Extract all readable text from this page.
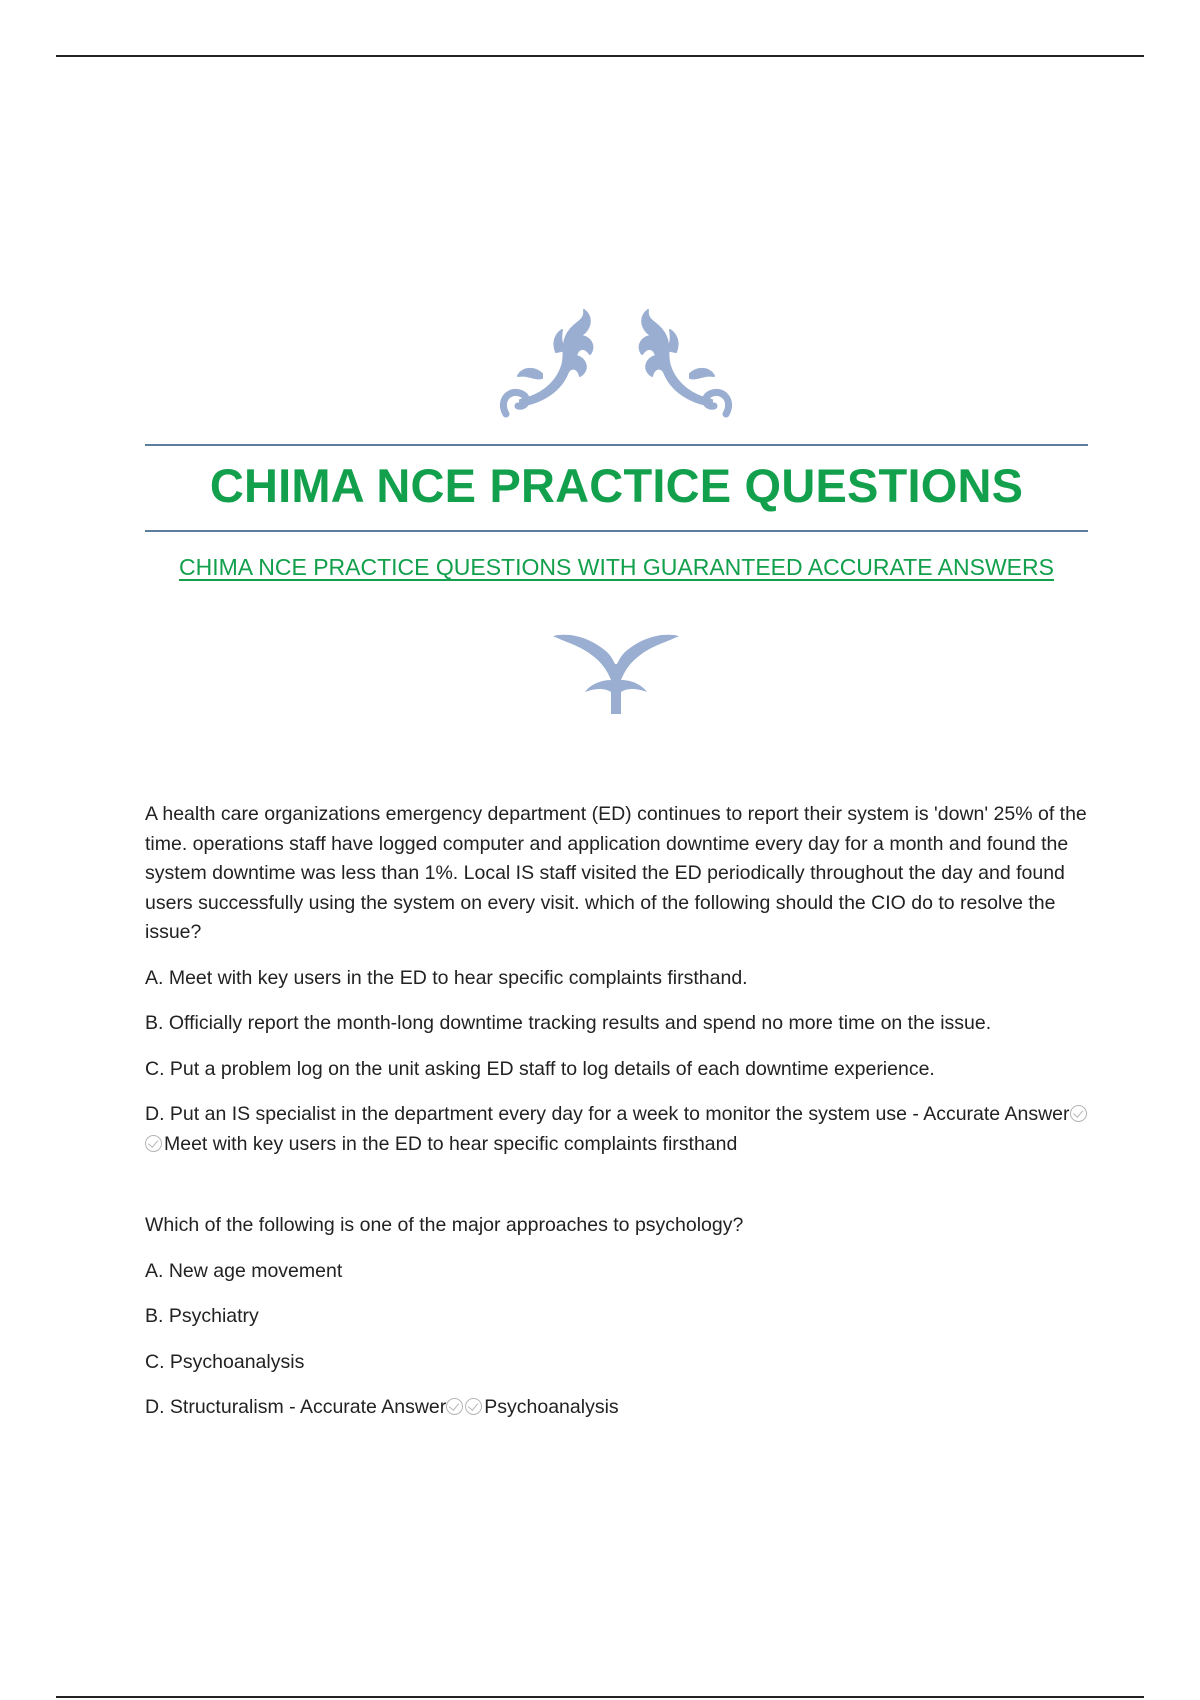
CHIMA NCE PRACTICE QUESTIONS
CHIMA NCE PRACTICE QUESTIONS WITH GUARANTEED ACCURATE ANSWERS

A health care organizations emergency department (ED) continues to report their system is 'down' 25% of the time. operations staff have logged computer and application downtime every day for a month and found the system downtime was less than 1%. Local IS staff visited the ED periodically throughout the day and found users successfully using the system on every visit. which of the following should the CIO do to resolve the issue?

A. Meet with key users in the ED to hear specific complaints firsthand.

B. Officially report the month-long downtime tracking results and spend no more time on the issue.

C. Put a problem log on the unit asking ED staff to log details of each downtime experience.

D. Put an IS specialist in the department every day for a week to monitor the system use - Accurate AnswerMeet with key users in the ED to hear specific complaints firsthand

Which of the following is one of the major approaches to psychology?

A. New age movement

B. Psychiatry

C. Psychoanalysis

D. Structuralism - Accurate Answer Psychoanalysis
